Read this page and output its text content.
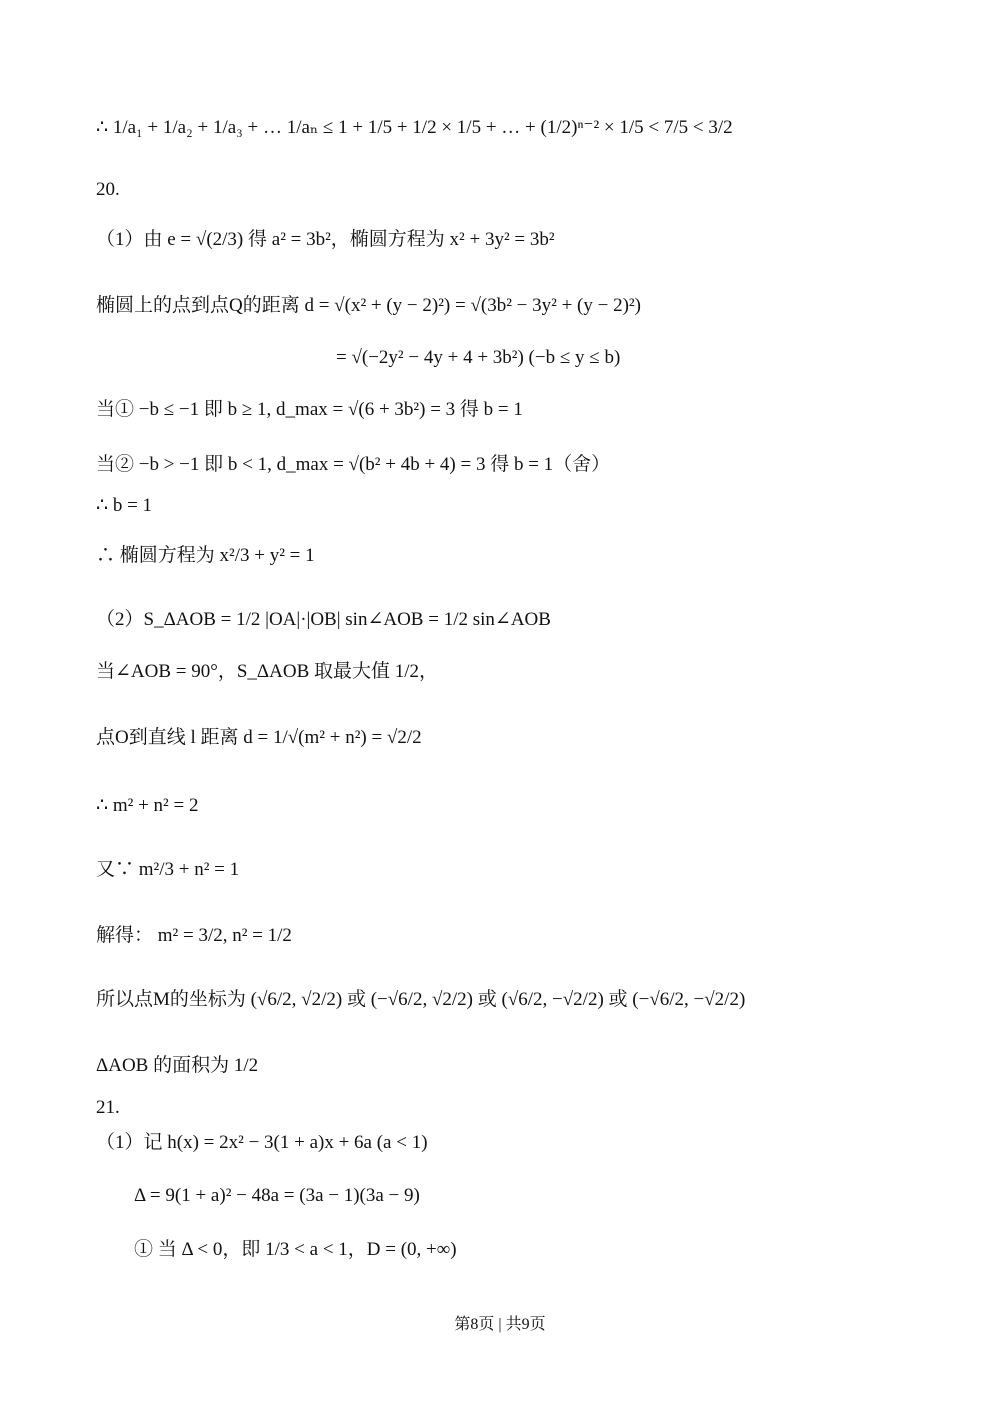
∴ 1/a₁ + 1/a₂ + 1/a₃ + … 1/aₙ ≤ 1 + 1/5 + 1/2 × 1/5 + … + (1/2)ⁿ⁻² × 1/5 < 7/5 < 3/2
20.
（1）由 e = √(2/3) 得 a² = 3b²，椭圆方程为 x² + 3y² = 3b²
椭圆上的点到点Q的距离 d = √(x² + (y − 2)²) = √(3b² − 3y² + (y − 2)²)
= √(−2y² − 4y + 4 + 3b²) (−b ≤ y ≤ b)
当① −b ≤ −1 即 b ≥ 1, d_max = √(6 + 3b²) = 3 得 b = 1
当② −b > −1 即 b < 1, d_max = √(b² + 4b + 4) = 3 得 b = 1（舍）
∴ b = 1
∴ 椭圆方程为 x²/3 + y² = 1
（2）S_ΔAOB = 1/2 |OA|·|OB| sin∠AOB = 1/2 sin∠AOB
当∠AOB = 90°，S_ΔAOB 取最大值 1/2，
点O到直线 l 距离 d = 1/√(m² + n²) = √2/2
∴ m² + n² = 2
又∵ m²/3 + n² = 1
解得： m² = 3/2, n² = 1/2
所以点M的坐标为 (√6/2, √2/2) 或 (−√6/2, √2/2) 或 (√6/2, −√2/2) 或 (−√6/2, −√2/2)
ΔAOB 的面积为 1/2
21.
（1）记 h(x) = 2x² − 3(1 + a)x + 6a (a < 1)
Δ = 9(1 + a)² − 48a = (3a − 1)(3a − 9)
① 当 Δ < 0，即 1/3 < a < 1，D = (0, +∞)
第8页 | 共9页
